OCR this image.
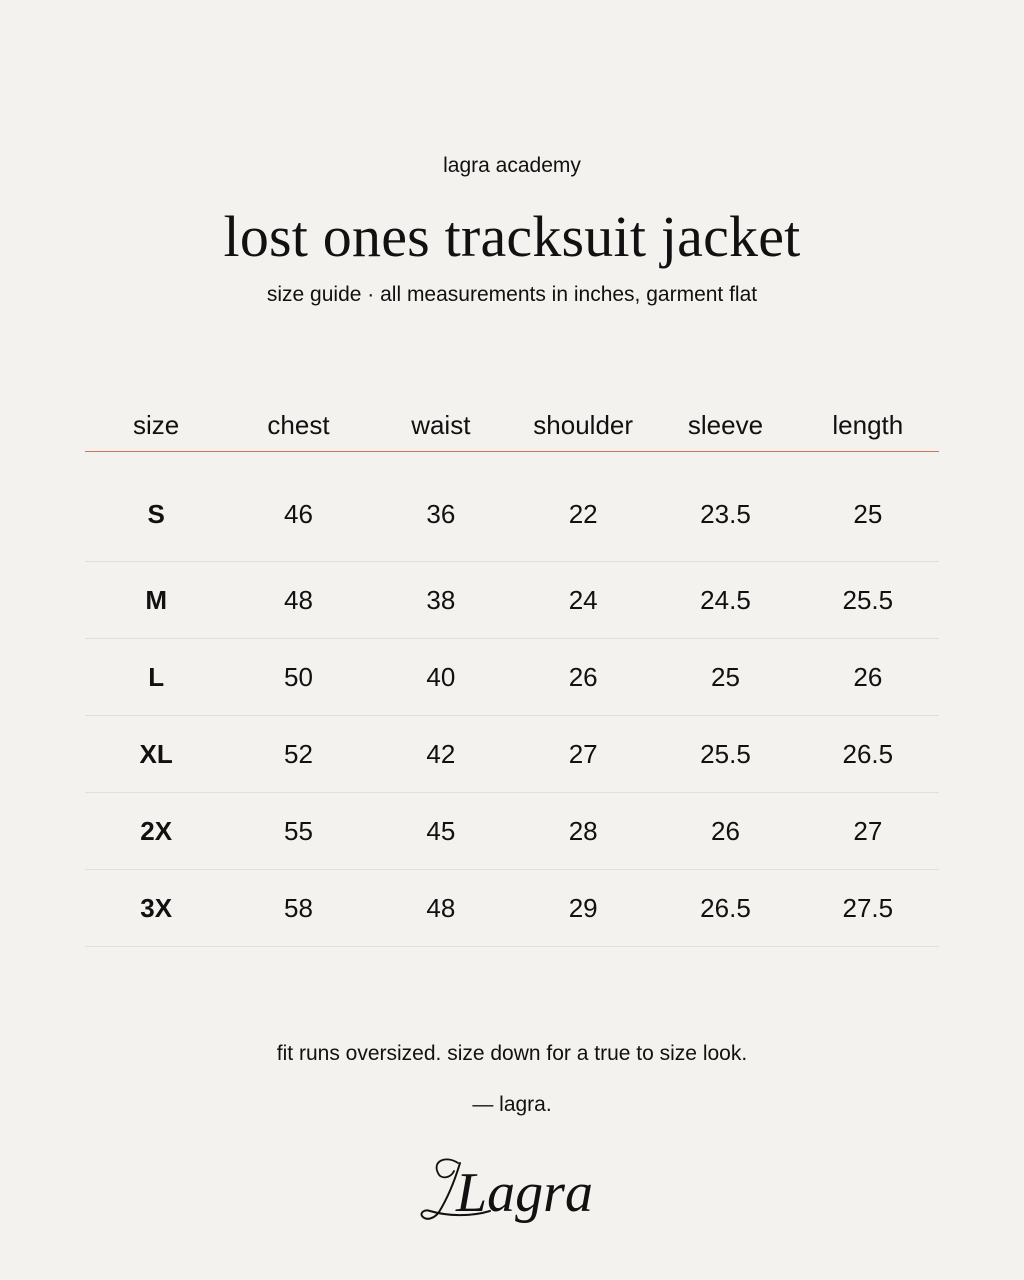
lagra academy
lost ones tracksuit jacket
size guide · all measurements in inches, garment flat
size	chest	waist	shoulder	sleeve	length
S	46	36	22	23.5	25
M	48	38	24	24.5	25.5
L	50	40	26	25	26
XL	52	42	27	25.5	26.5
2X	55	45	28	26	27
3X	58	48	29	26.5	27.5
fit runs oversized. size down for a true to size look.
— lagra.
Lagra
